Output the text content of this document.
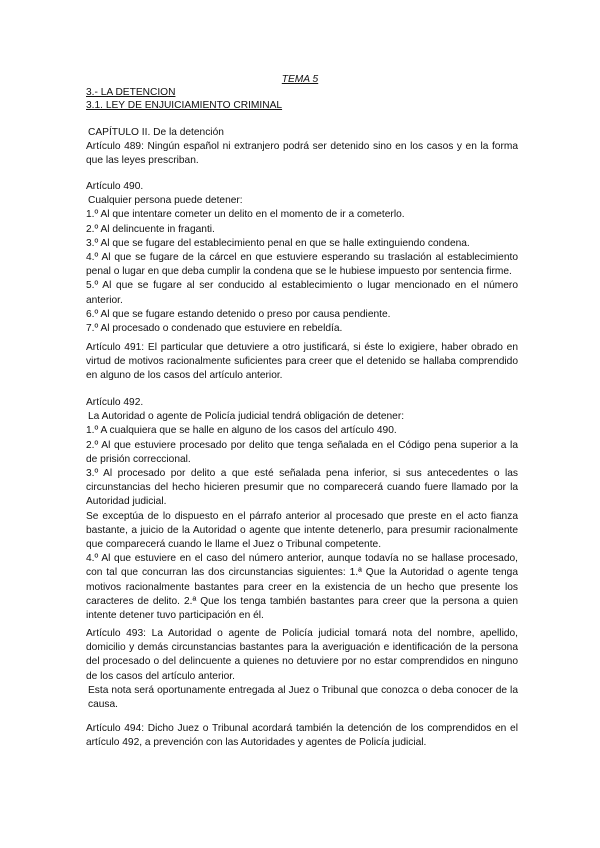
TEMA 5
3.- LA DETENCION
3.1. LEY DE ENJUICIAMIENTO CRIMINAL

CAPÍTULO II. De la detención

Artículo 489: Ningún español ni extranjero podrá ser detenido sino en los casos y en la forma que las leyes prescriban.

Artículo 490.

Cualquier persona puede detener:

1.º Al que intentare cometer un delito en el momento de ir a cometerlo.

2.º Al delincuente in fraganti.

3.º Al que se fugare del establecimiento penal en que se halle extinguiendo condena.

4.º Al que se fugare de la cárcel en que estuviere esperando su traslación al establecimiento penal o lugar en que deba cumplir la condena que se le hubiese impuesto por sentencia firme.

5.º Al que se fugare al ser conducido al establecimiento o lugar mencionado en el número anterior.

6.º Al que se fugare estando detenido o preso por causa pendiente.

7.º Al procesado o condenado que estuviere en rebeldía.

Artículo 491: El particular que detuviere a otro justificará, si éste lo exigiere, haber obrado en virtud de motivos racionalmente suficientes para creer que el detenido se hallaba comprendido en alguno de los casos del artículo anterior.

Artículo 492.

La Autoridad o agente de Policía judicial tendrá obligación de detener:

1.º A cualquiera que se halle en alguno de los casos del artículo 490.

2.º Al que estuviere procesado por delito que tenga señalada en el Código pena superior a la de prisión correccional.

3.º Al procesado por delito a que esté señalada pena inferior, si sus antecedentes o las circunstancias del hecho hicieren presumir que no comparecerá cuando fuere llamado por la Autoridad judicial.

Se exceptúa de lo dispuesto en el párrafo anterior al procesado que preste en el acto fianza bastante, a juicio de la Autoridad o agente que intente detenerlo, para presumir racionalmente que comparecerá cuando le llame el Juez o Tribunal competente.

4.º Al que estuviere en el caso del número anterior, aunque todavía no se hallase procesado, con tal que concurran las dos circunstancias siguientes: 1.ª Que la Autoridad o agente tenga motivos racionalmente bastantes para creer en la existencia de un hecho que presente los caracteres de delito. 2.ª Que los tenga también bastantes para creer que la persona a quien intente detener tuvo participación en él.

Artículo 493: La Autoridad o agente de Policía judicial tomará nota del nombre, apellido, domicilio y demás circunstancias bastantes para la averiguación e identificación de la persona del procesado o del delincuente a quienes no detuviere por no estar comprendidos en ninguno de los casos del artículo anterior.

Esta nota será oportunamente entregada al Juez o Tribunal que conozca o deba conocer de la causa.

Artículo 494: Dicho Juez o Tribunal acordará también la detención de los comprendidos en el artículo 492, a prevención con las Autoridades y agentes de Policía judicial.
